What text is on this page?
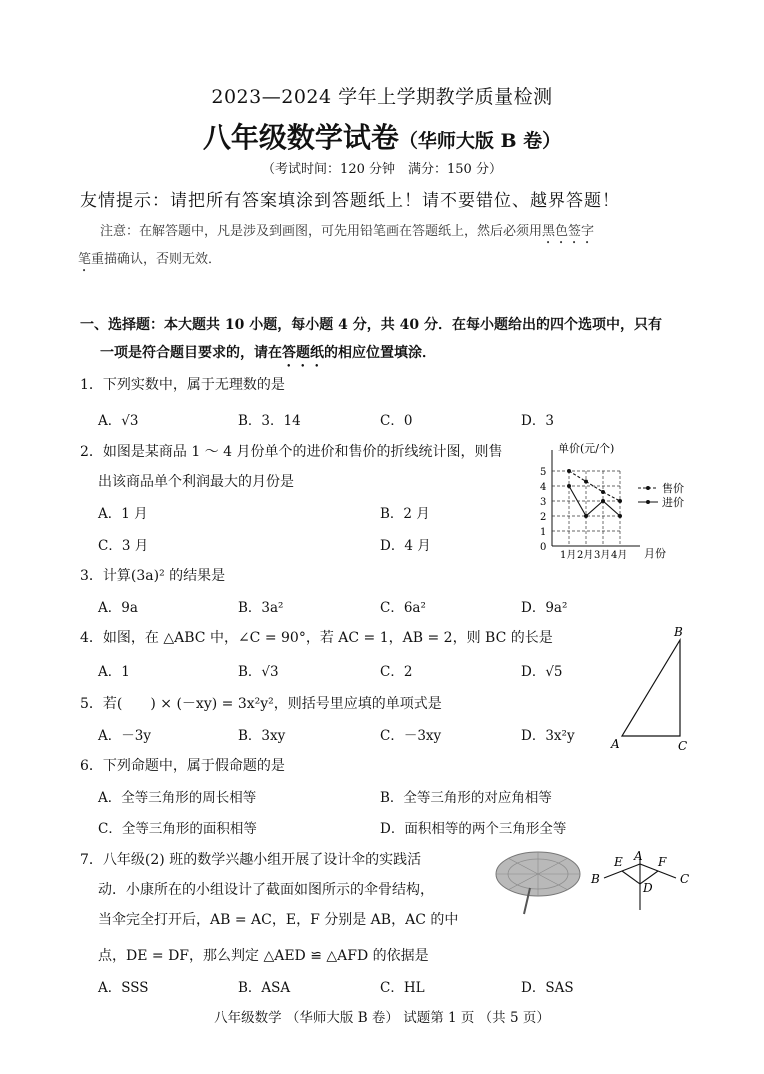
2023—2024 学年上学期教学质量检测
八年级数学试卷（华师大版 B 卷）
（考试时间：120 分钟　满分：150 分）
友情提示：请把所有答案填涂到答题纸上！请不要错位、越界答题！
注意：在解答题中，凡是涉及到画图，可先用铅笔画在答题纸上，然后必须用黑色签字
笔重描确认，否则无效．
一、选择题：本大题共 10 小题，每小题 4 分，共 40 分．在每小题给出的四个选项中，只有
一项是符合题目要求的，请在答题纸的相应位置填涂．
1．下列实数中，属于无理数的是
A．√3	B．3．14	C．0	D．3
2．如图是某商品 1 ～ 4 月份单个的进价和售价的折线统计图，则售
出该商品单个利润最大的月份是
A．1 月	B．2 月
C．3 月	D．4 月
单价(元/个)
月份
0
1
2
3
4
5
1月 2月 3月 4月
售价
进价
3．计算(3a)² 的结果是
A．9a	B．3a²	C．6a²	D．9a²
4．如图，在 △ABC 中，∠C = 90°，若 AC = 1，AB = 2，则 BC 的长是
A．1	B．√3	C．2	D．√5
B
A	C
5．若(　　) × (－xy) = 3x²y²，则括号里应填的单项式是
A．－3y	B．3xy	C．－3xy	D．3x²y
6．下列命题中，属于假命题的是
A．全等三角形的周长相等	B．全等三角形的对应角相等
C．全等三角形的面积相等	D．面积相等的两个三角形全等
7．八年级(2) 班的数学兴趣小组开展了设计伞的实践活
动．小康所在的小组设计了截面如图所示的伞骨结构，
当伞完全打开后，AB = AC，E，F 分别是 AB，AC 的中
点，DE = DF，那么判定 △AED ≌ △AFD 的依据是
A．SSS	B．ASA	C．HL	D．SAS
E A F
B
D
C
八年级数学 （华师大版 B 卷） 试题第 1 页 （共 5 页）
